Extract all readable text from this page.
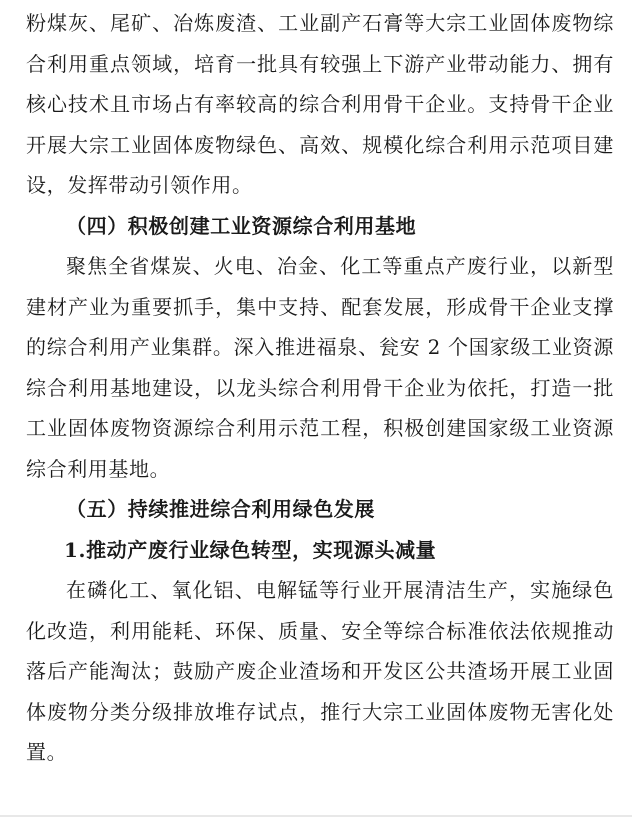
粉煤灰、尾矿、冶炼废渣、工业副产石膏等大宗工业固体废物综合利用重点领域，培育一批具有较强上下游产业带动能力、拥有核心技术且市场占有率较高的综合利用骨干企业。支持骨干企业开展大宗工业固体废物绿色、高效、规模化综合利用示范项目建设，发挥带动引领作用。

（四）积极创建工业资源综合利用基地

聚焦全省煤炭、火电、冶金、化工等重点产废行业，以新型建材产业为重要抓手，集中支持、配套发展，形成骨干企业支撑的综合利用产业集群。深入推进福泉、瓮安 2 个国家级工业资源综合利用基地建设，以龙头综合利用骨干企业为依托，打造一批工业固体废物资源综合利用示范工程，积极创建国家级工业资源综合利用基地。

（五）持续推进综合利用绿色发展

1.推动产废行业绿色转型，实现源头减量

在磷化工、氧化铝、电解锰等行业开展清洁生产，实施绿色化改造，利用能耗、环保、质量、安全等综合标准依法依规推动落后产能淘汰；鼓励产废企业渣场和开发区公共渣场开展工业固体废物分类分级排放堆存试点，推行大宗工业固体废物无害化处置。
